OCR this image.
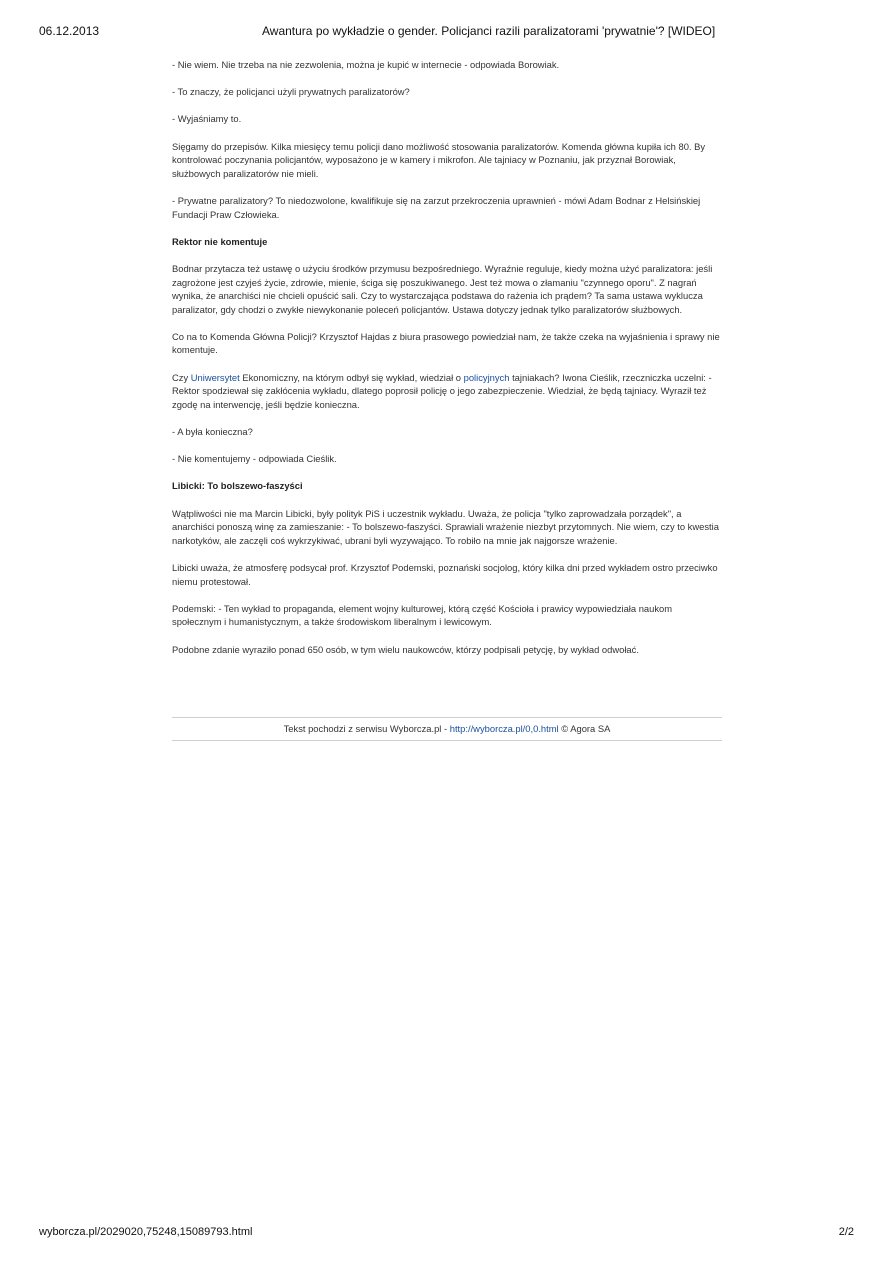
06.12.2013	Awantura po wykładzie o gender. Policjanci razili paralizatorami 'prywatnie'? [WIDEO]

- Nie wiem. Nie trzeba na nie zezwolenia, można je kupić w internecie - odpowiada Borowiak.

- To znaczy, że policjanci użyli prywatnych paralizatorów?

- Wyjaśniamy to.

Sięgamy do przepisów. Kilka miesięcy temu policji dano możliwość stosowania paralizatorów. Komenda główna kupiła ich 80. By kontrolować poczynania policjantów, wyposażono je w kamery i mikrofon. Ale tajniacy w Poznaniu, jak przyznał Borowiak, służbowych paralizatorów nie mieli.

- Prywatne paralizatory? To niedozwolone, kwalifikuje się na zarzut przekroczenia uprawnień - mówi Adam Bodnar z Helsińskiej Fundacji Praw Człowieka.

Rektor nie komentuje

Bodnar przytacza też ustawę o użyciu środków przymusu bezpośredniego. Wyraźnie reguluje, kiedy można użyć paralizatora: jeśli zagrożone jest czyjeś życie, zdrowie, mienie, ściga się poszukiwanego. Jest też mowa o złamaniu "czynnego oporu". Z nagrań wynika, że anarchiści nie chcieli opuścić sali. Czy to wystarczająca podstawa do rażenia ich prądem? Ta sama ustawa wyklucza paralizator, gdy chodzi o zwykłe niewykonanie poleceń policjantów. Ustawa dotyczy jednak tylko paralizatorów służbowych.

Co na to Komenda Główna Policji? Krzysztof Hajdas z biura prasowego powiedział nam, że także czeka na wyjaśnienia i sprawy nie komentuje.

Czy Uniwersytet Ekonomiczny, na którym odbył się wykład, wiedział o policyjnych tajniakach? Iwona Cieślik, rzeczniczka uczelni: - Rektor spodziewał się zakłócenia wykładu, dlatego poprosił policję o jego zabezpieczenie. Wiedział, że będą tajniacy. Wyraził też zgodę na interwencję, jeśli będzie konieczna.

- A była konieczna?

- Nie komentujemy - odpowiada Cieślik.

Libicki: To bolszewo-faszyści

Wątpliwości nie ma Marcin Libicki, były polityk PiS i uczestnik wykładu. Uważa, że policja "tylko zaprowadzała porządek", a anarchiści ponoszą winę za zamieszanie: - To bolszewo-faszyści. Sprawiali wrażenie niezbyt przytomnych. Nie wiem, czy to kwestia narkotyków, ale zaczęli coś wykrzykiwać, ubrani byli wyzywająco. To robiło na mnie jak najgorsze wrażenie.

Libicki uważa, że atmosferę podsycał prof. Krzysztof Podemski, poznański socjolog, który kilka dni przed wykładem ostro przeciwko niemu protestował.

Podemski: - Ten wykład to propaganda, element wojny kulturowej, którą część Kościoła i prawicy wypowiedziała naukom społecznym i humanistycznym, a także środowiskom liberalnym i lewicowym.

Podobne zdanie wyraziło ponad 650 osób, w tym wielu naukowców, którzy podpisali petycję, by wykład odwołać.

Tekst pochodzi z serwisu Wyborcza.pl - http://wyborcza.pl/0,0.html © Agora SA
wyborcza.pl/2029020,75248,15089793.html	2/2
